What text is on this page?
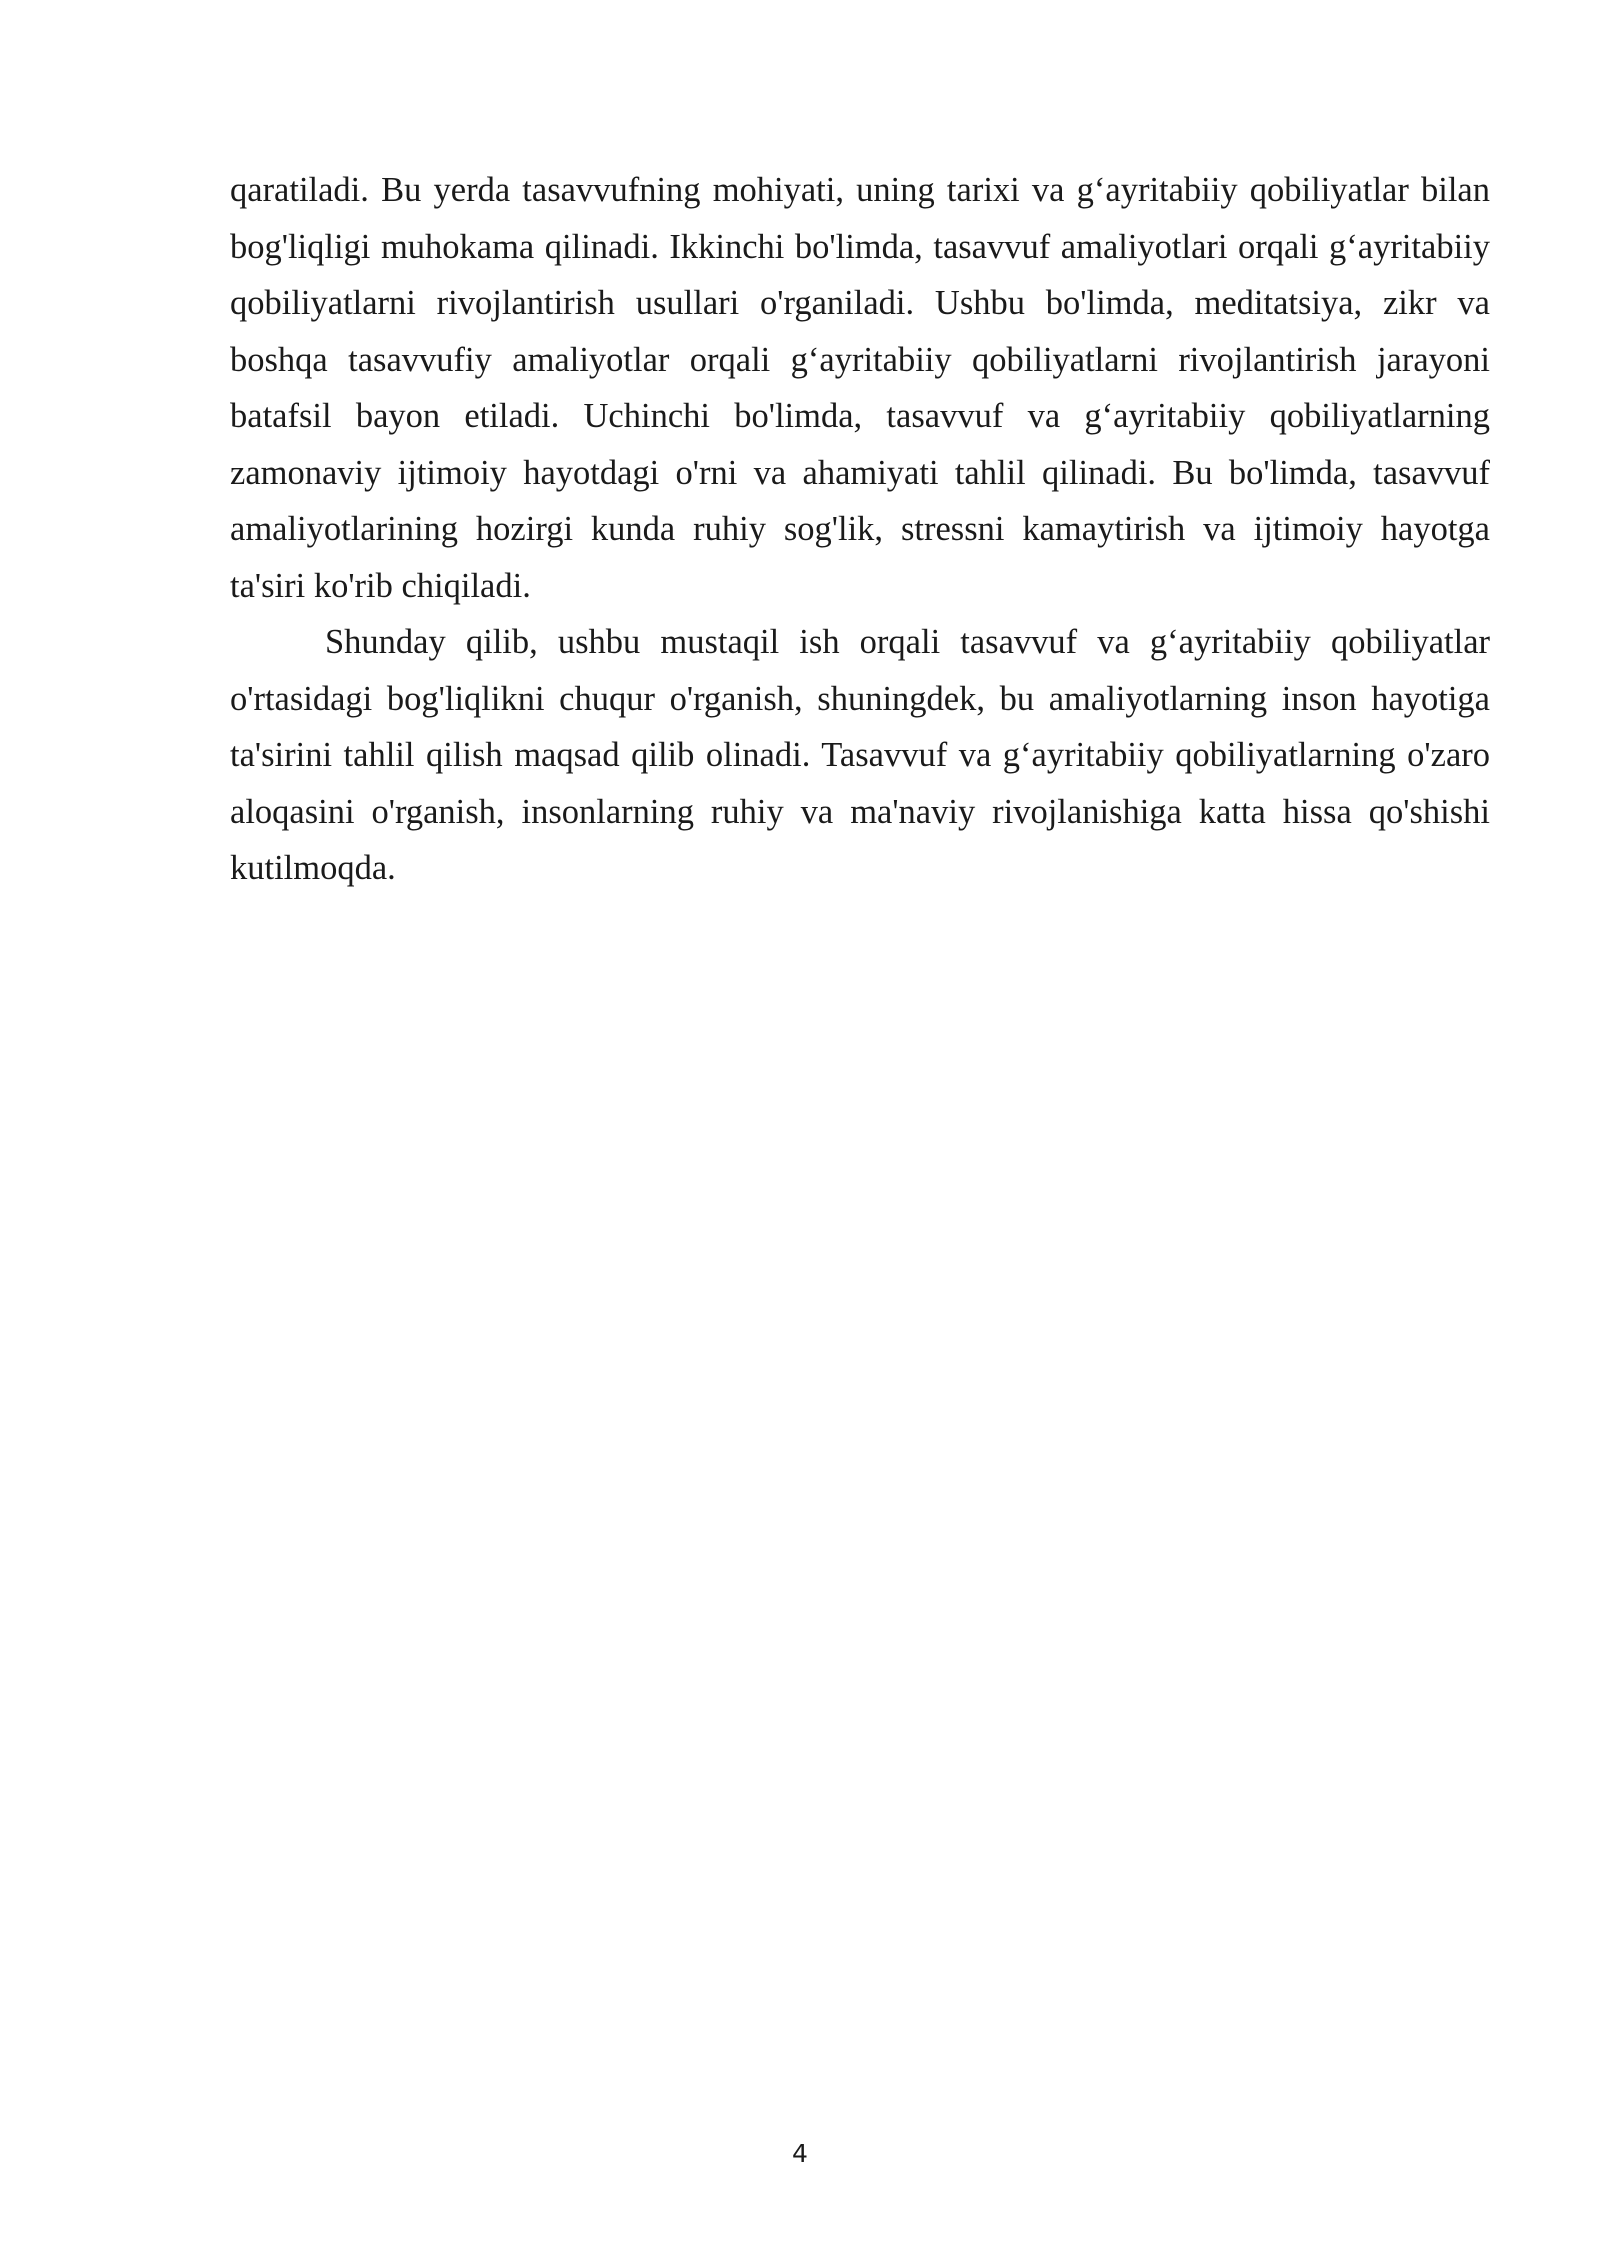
qaratiladi. Bu yerda tasavvufning mohiyati, uning tarixi va g‘ayritabiiy qobiliyatlar bilan bog'liqligi muhokama qilinadi. Ikkinchi bo'limda, tasavvuf amaliyotlari orqali g‘ayritabiiy qobiliyatlarni rivojlantirish usullari o'rganiladi. Ushbu bo'limda, meditatsiya, zikr va boshqa tasavvufiy amaliyotlar orqali g‘ayritabiiy qobiliyatlarni rivojlantirish jarayoni batafsil bayon etiladi. Uchinchi bo'limda, tasavvuf va g‘ayritabiiy qobiliyatlarning zamonaviy ijtimoiy hayotdagi o'rni va ahamiyati tahlil qilinadi. Bu bo'limda, tasavvuf amaliyotlarining hozirgi kunda ruhiy sog'lik, stressni kamaytirish va ijtimoiy hayotga ta'siri ko'rib chiqiladi.

Shunday qilib, ushbu mustaqil ish orqali tasavvuf va g‘ayritabiiy qobiliyatlar o'rtasidagi bog'liqlikni chuqur o'rganish, shuningdek, bu amaliyotlarning inson hayotiga ta'sirini tahlil qilish maqsad qilib olinadi. Tasavvuf va g‘ayritabiiy qobiliyatlarning o'zaro aloqasini o'rganish, insonlarning ruhiy va ma'naviy rivojlanishiga katta hissa qo'shishi kutilmoqda.

4
